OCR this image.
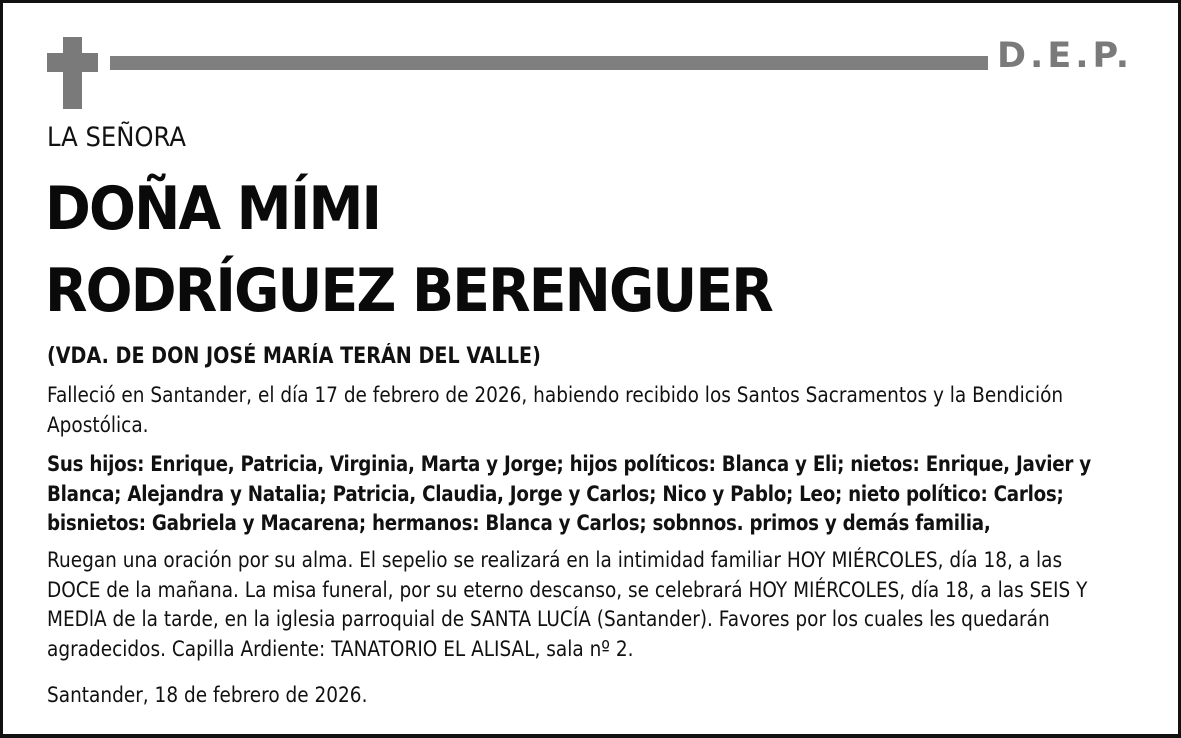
D.E.P.
LA SEÑORA
DOÑA MÍMI
RODRÍGUEZ BERENGUER
(VDA. DE DON JOSÉ MARÍA TERÁN DEL VALLE)
Falleció en Santander, el día 17 de febrero de 2026, habiendo recibido los Santos Sacramentos y la Bendición Apostólica.
Sus hijos: Enrique, Patricia, Virginia, Marta y Jorge; hijos políticos: Blanca y Eli; nietos: Enrique, Javier y Blanca; Alejandra y Natalia; Patricia, Claudia, Jorge y Carlos; Nico y Pablo; Leo; nieto político: Carlos; bisnietos: Gabriela y Macarena; hermanos: Blanca y Carlos; sobnnos. primos y demás familia,
Ruegan una oración por su alma. El sepelio se realizará en la intimidad familiar HOY MIÉRCOLES, día 18, a las DOCE de la mañana. La misa funeral, por su eterno descanso, se celebrará HOY MIÉRCOLES, día 18, a las SEIS Y MEDlA de la tarde, en la iglesia parroquial de SANTA LUCÍA (Santander). Favores por los cuales les quedarán agradecidos. Capilla Ardiente: TANATORIO EL ALISAL, sala nº 2.
Santander, 18 de febrero de 2026.
